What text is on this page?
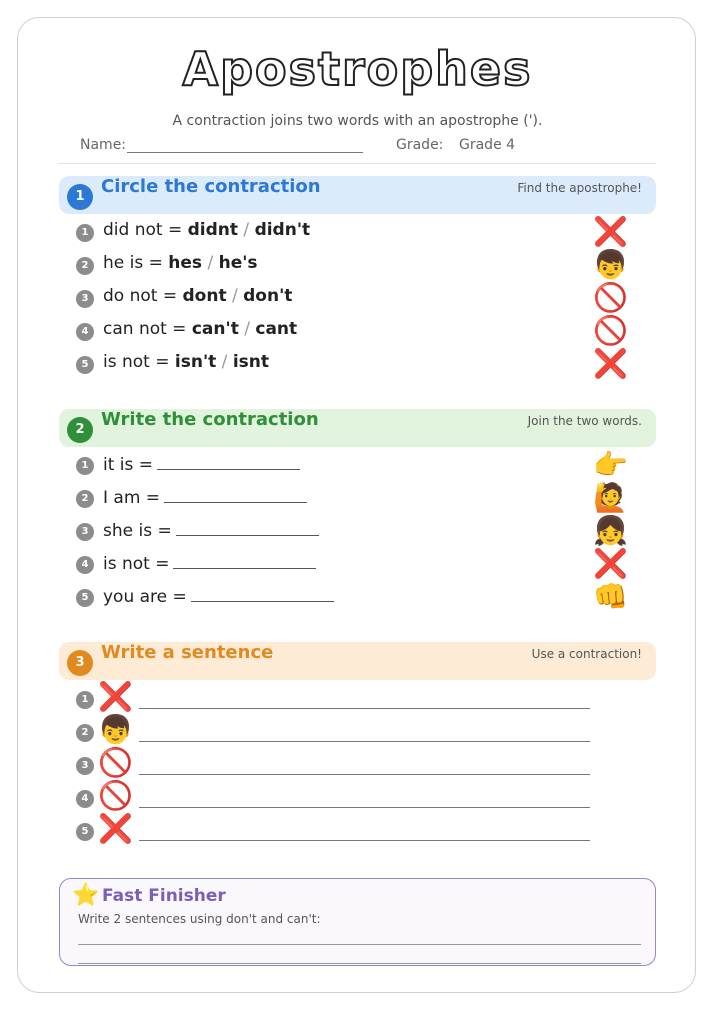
Apostrophes
A contraction joins two words with an apostrophe (').
Name:	Grade: Grade 4
1 Circle the contraction	Find the apostrophe!
1 did not = didnt / didn't	❌
2 he is = hes / he's	👦
3 do not = dont / don't	🚫
4 can not = can't / cant	🚫
5 is not = isn't / isnt	❌
2 Write the contraction	Join the two words.
1 it is =	👉
2 I am =	🙋
3 she is =	👧
4 is not =	❌
5 you are =	👊
3 Write a sentence	Use a contraction!
1 ❌
2 👦
3 🚫
4 🚫
5 ❌
⭐ Fast Finisher
Write 2 sentences using don't and can't:
